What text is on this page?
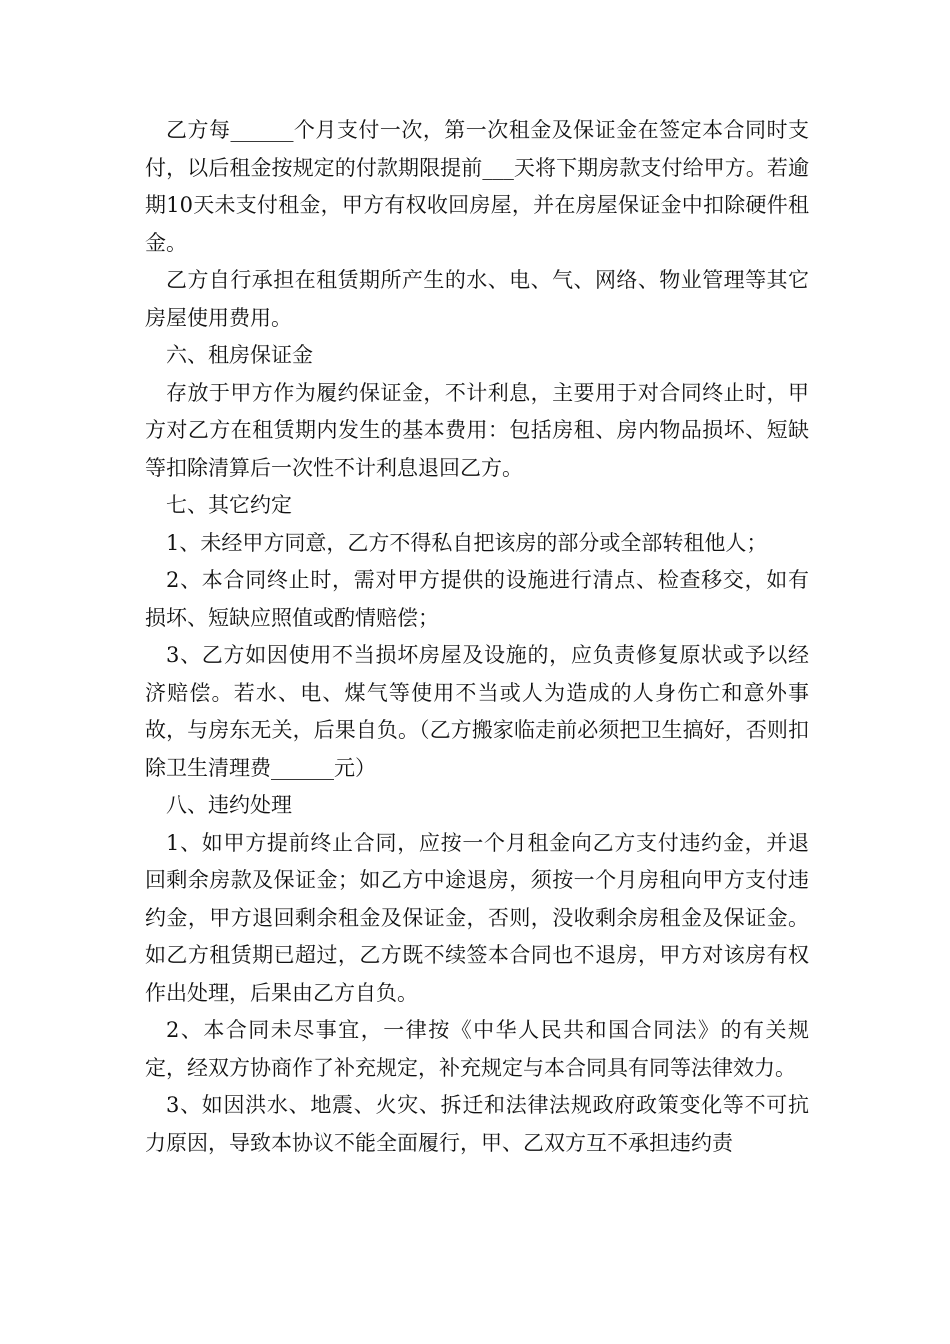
乙方每______个月支付一次，第一次租金及保证金在签定本合同时支付，以后租金按规定的付款期限提前___天将下期房款支付给甲方。若逾期10天未支付租金，甲方有权收回房屋，并在房屋保证金中扣除硬件租金。

乙方自行承担在租赁期所产生的水、电、气、网络、物业管理等其它房屋使用费用。

六、租房保证金

存放于甲方作为履约保证金，不计利息，主要用于对合同终止时，甲方对乙方在租赁期内发生的基本费用：包括房租、房内物品损坏、短缺等扣除清算后一次性不计利息退回乙方。

七、其它约定

1、未经甲方同意，乙方不得私自把该房的部分或全部转租他人；

2、本合同终止时，需对甲方提供的设施进行清点、检查移交，如有损坏、短缺应照值或酌情赔偿；

3、乙方如因使用不当损坏房屋及设施的，应负责修复原状或予以经济赔偿。若水、电、煤气等使用不当或人为造成的人身伤亡和意外事故，与房东无关，后果自负。（乙方搬家临走前必须把卫生搞好，否则扣除卫生清理费______元）

八、违约处理

1、如甲方提前终止合同，应按一个月租金向乙方支付违约金，并退回剩余房款及保证金；如乙方中途退房，须按一个月房租向甲方支付违约金，甲方退回剩余租金及保证金，否则，没收剩余房租金及保证金。如乙方租赁期已超过，乙方既不续签本合同也不退房，甲方对该房有权作出处理，后果由乙方自负。

2、本合同未尽事宜，一律按《中华人民共和国合同法》的有关规定，经双方协商作了补充规定，补充规定与本合同具有同等法律效力。

3、如因洪水、地震、火灾、拆迁和法律法规政府政策变化等不可抗力原因，导致本协议不能全面履行，甲、乙双方互不承担违约责
